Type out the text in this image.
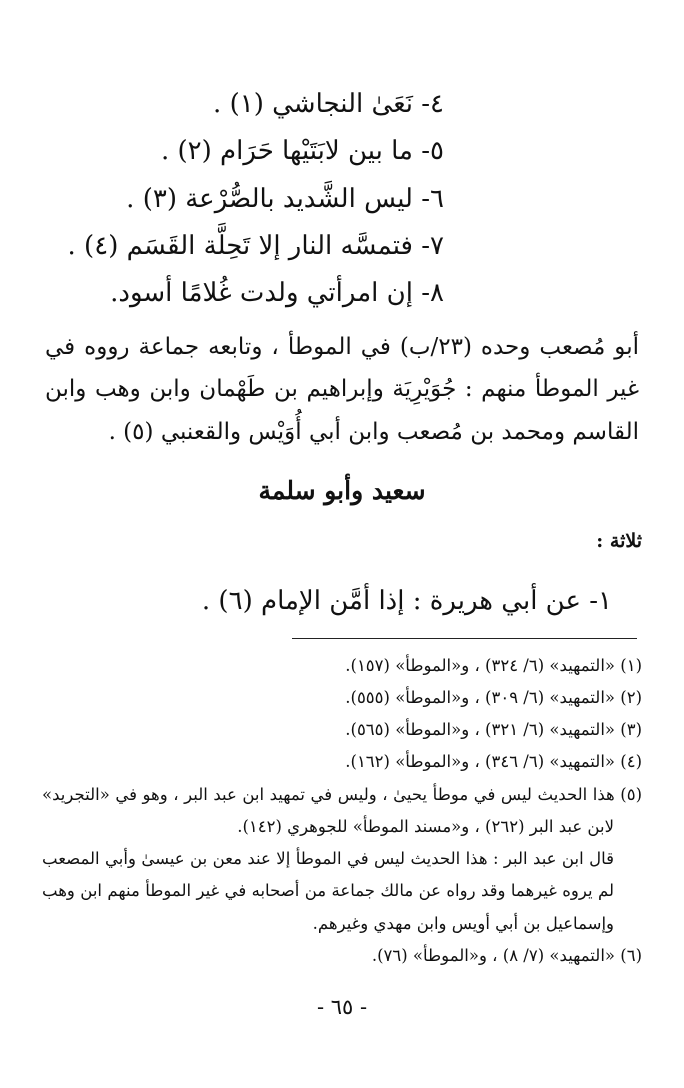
٤- نَعَىٰ النجاشي (١) .
٥- ما بين لابَتَيْها حَرَام (٢) .
٦- ليس الشَّديد بالصُّرْعة (٣) .
٧- فتمسَّه النار إلا تَحِلَّة القَسَم (٤) .
٨- إن امرأتي ولدت غُلامًا أسود.
أبو مُصعب وحده (٢٣/ب) في الموطأ ، وتابعه جماعة رووه في
غير الموطأ منهم : جُوَيْرِيَة وإبراهيم بن طَهْمان وابن وهب وابن
القاسم ومحمد بن مُصعب وابن أبي أُوَيْس والقعنبي (٥) .
سعيد وأبو سلمة
ثلاثة :
١- عن أبي هريرة : إذا أمَّن الإمام (٦) .
(١) «التمهيد» (٦/ ٣٢٤) ، و«الموطأ» (١٥٧).
(٢) «التمهيد» (٦/ ٣٠٩) ، و«الموطأ» (٥٥٥).
(٣) «التمهيد» (٦/ ٣٢١) ، و«الموطأ» (٥٦٥).
(٤) «التمهيد» (٦/ ٣٤٦) ، و«الموطأ» (١٦٢).
(٥) هذا الحديث ليس في موطأ يحيىٰ ، وليس في تمهيد ابن عبد البر ، وهو في «التجريد»
لابن عبد البر (٢٦٢) ، و«مسند الموطأ» للجوهري (١٤٢).
قال ابن عبد البر : هذا الحديث ليس في الموطأ إلا عند معن بن عيسىٰ وأبي المصعب
لم يروه غيرهما وقد رواه عن مالك جماعة من أصحابه في غير الموطأ منهم ابن وهب
وإسماعيل بن أبي أويس وابن مهدي وغيرهم.
(٦) «التمهيد» (٧/ ٨) ، و«الموطأ» (٧٦).
- ٦٥ -
